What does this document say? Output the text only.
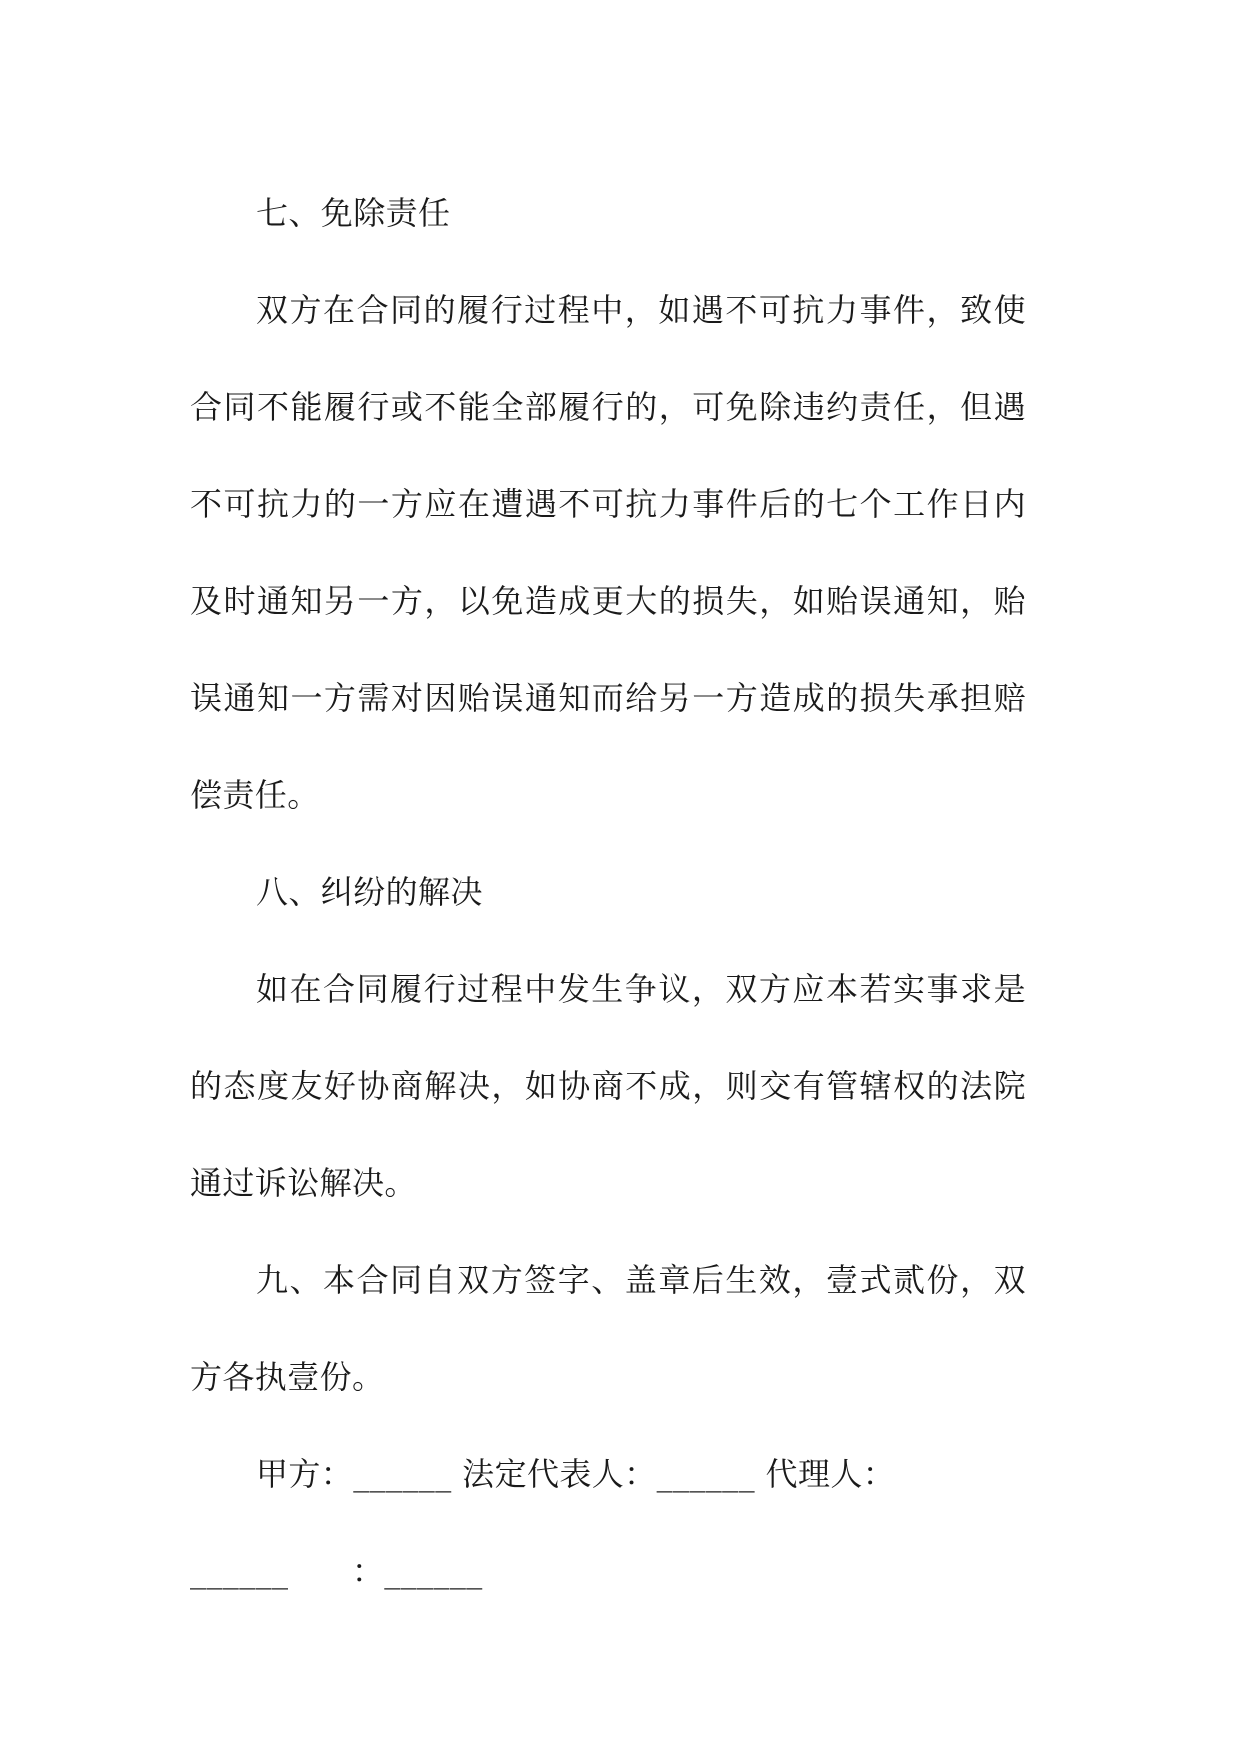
七、免除责任
双方在合同的履行过程中，如遇不可抗力事件，致使
合同不能履行或不能全部履行的，可免除违约责任，但遇
不可抗力的一方应在遭遇不可抗力事件后的七个工作日内
及时通知另一方，以免造成更大的损失，如贻误通知，贻
误通知一方需对因贻误通知而给另一方造成的损失承担赔
偿责任。
八、纠纷的解决
如在合同履行过程中发生争议，双方应本若实事求是
的态度友好协商解决，如协商不成，则交有管辖权的法院
通过诉讼解决。
九、本合同自双方签字、盖章后生效，壹式贰份，双
方各执壹份。
甲方：______ 法定代表人：______ 代理人：
______      ：______
